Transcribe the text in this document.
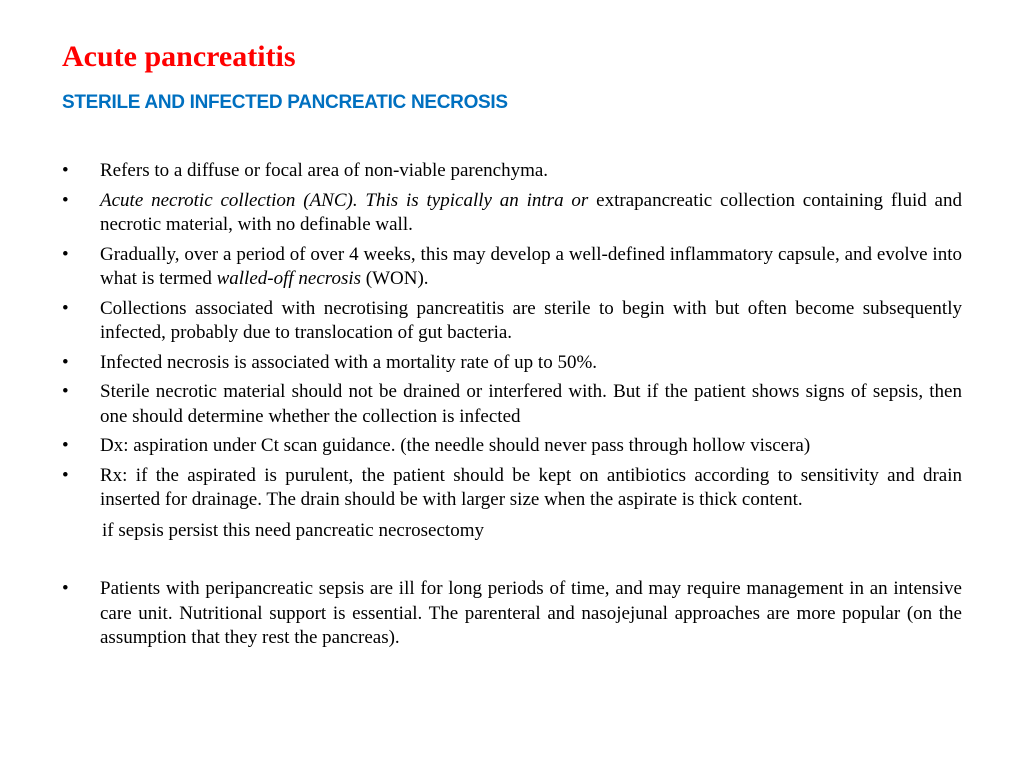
Acute pancreatitis
STERILE AND INFECTED PANCREATIC NECROSIS
• Refers to a diffuse or focal area of non-viable parenchyma.
• Acute necrotic collection (ANC). This is typically an intra or extrapancreatic collection containing fluid and necrotic material, with no definable wall.
• Gradually, over a period of over 4 weeks, this may develop a well-defined inflammatory capsule, and evolve into what is termed walled-off necrosis (WON).
• Collections associated with necrotising pancreatitis are sterile to begin with but often become subsequently infected, probably due to translocation of gut bacteria.
• Infected necrosis is associated with a mortality rate of up to 50%.
• Sterile necrotic material should not be drained or interfered with. But if the patient shows signs of sepsis, then one should determine whether the collection is infected
• Dx: aspiration under Ct scan guidance. (the needle should never pass through hollow viscera)
• Rx: if the aspirated is purulent, the patient should be kept on antibiotics according to sensitivity and drain inserted for drainage. The drain should be with larger size when the aspirate is thick content.
if sepsis persist this need pancreatic necrosectomy
• Patients with peripancreatic sepsis are ill for long periods of time, and may require management in an intensive care unit. Nutritional support is essential. The parenteral and nasojejunal approaches are more popular (on the assumption that they rest the pancreas).
